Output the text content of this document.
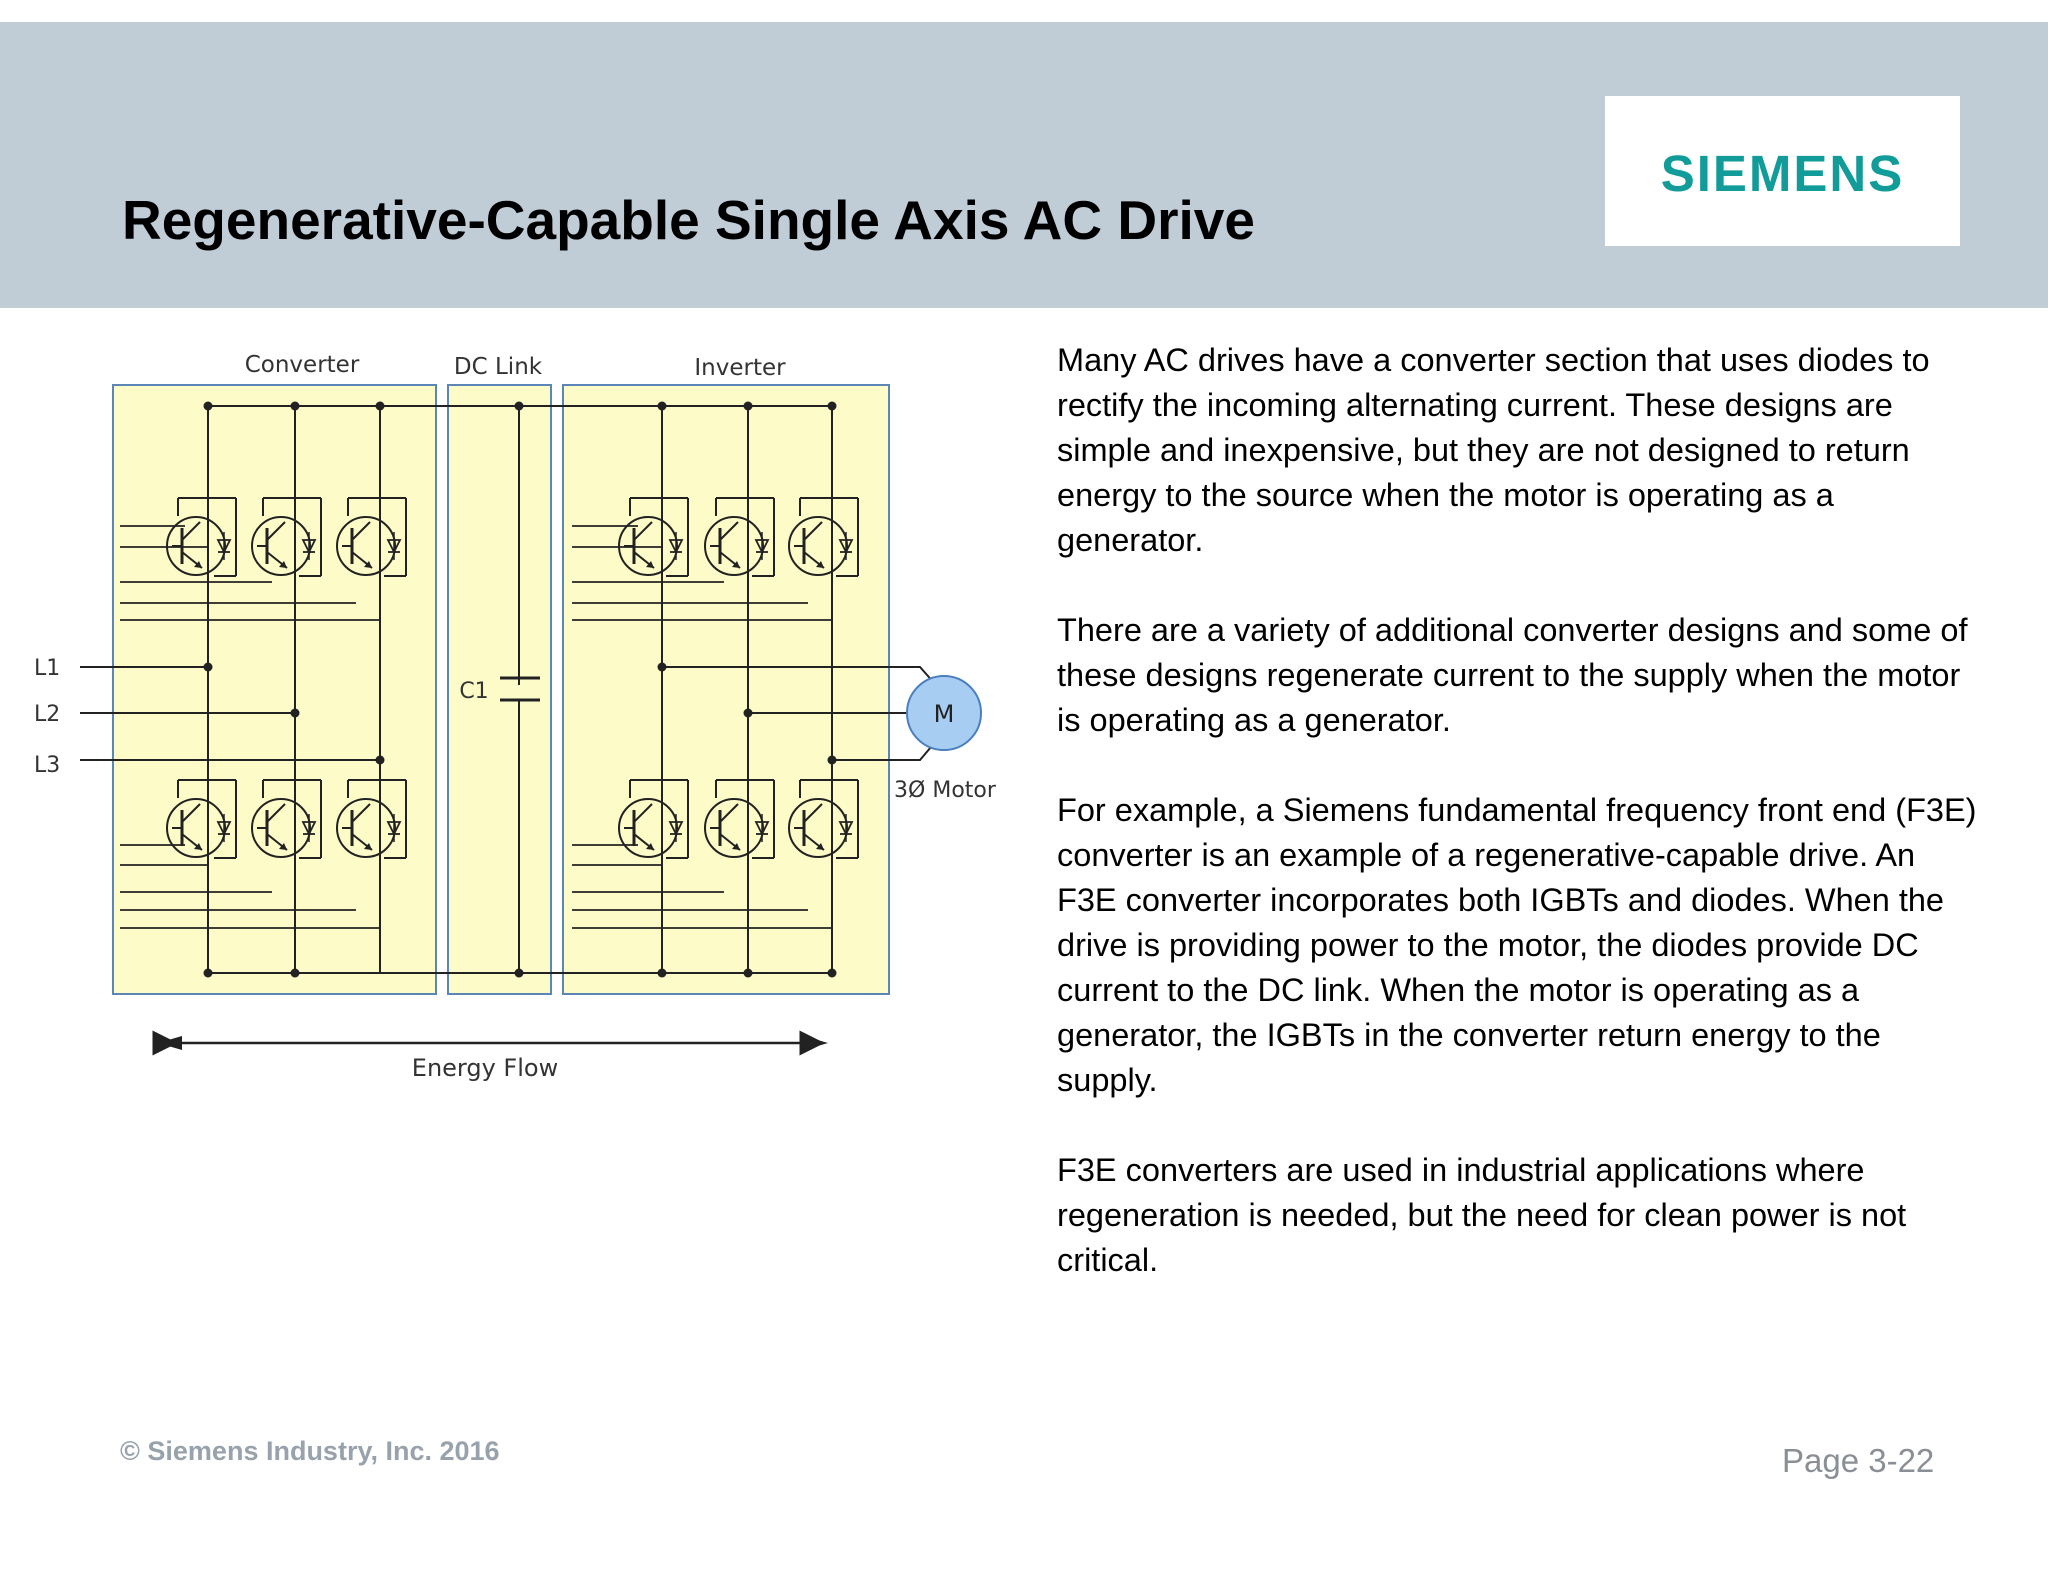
Regenerative-Capable Single Axis AC Drive
SIEMENS
Converter	DC Link	Inverter
C1
L1
L2
L3
M
3Ø Motor
Energy Flow

Many AC drives have a converter section that uses diodes to rectify the incoming alternating current. These designs are simple and inexpensive, but they are not designed to return energy to the source when the motor is operating as a generator.

There are a variety of additional converter designs and some of these designs regenerate current to the supply when the motor is operating as a generator.

For example, a Siemens fundamental frequency front end (F3E) converter is an example of a regenerative-capable drive. An F3E converter incorporates both IGBTs and diodes. When the drive is providing power to the motor, the diodes provide DC current to the DC link. When the motor is operating as a generator, the IGBTs in the converter return energy to the supply.

F3E converters are used in industrial applications where regeneration is needed, but the need for clean power is not critical.

© Siemens Industry, Inc. 2016	Page 3-22
